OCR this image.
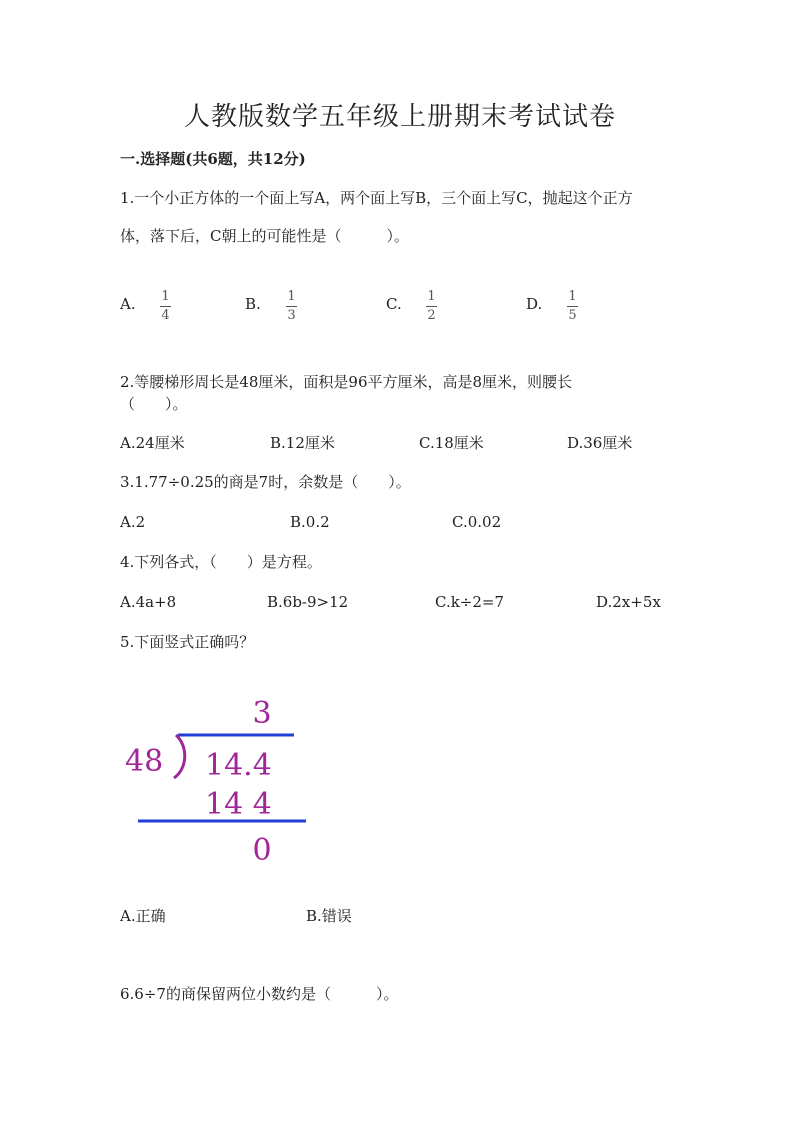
人教版数学五年级上册期末考试试卷
一.选择题(共6题，共12分)
1.一个小正方体的一个面上写A，两个面上写B，三个面上写C，抛起这个正方
体，落下后，C朝上的可能性是（　　　）。
A. 1
4
B. 1
3
C. 1
2
D. 1
5
2.等腰梯形周长是48厘米，面积是96平方厘米，高是8厘米，则腰长
（　　）。
A.24厘米	B.12厘米	C.18厘米	D.36厘米
3.1.77÷0.25的商是7时，余数是（　　）。
A.2	B.0.2	C.0.02
4.下列各式，（　　）是方程。
A.4a+8	B.6b-9>12	C.k÷2=7	D.2x+5x
5.下面竖式正确吗？
3
48 14.4
14 4
0
A.正确	B.错误
6.6÷7的商保留两位小数约是（　　　）。
